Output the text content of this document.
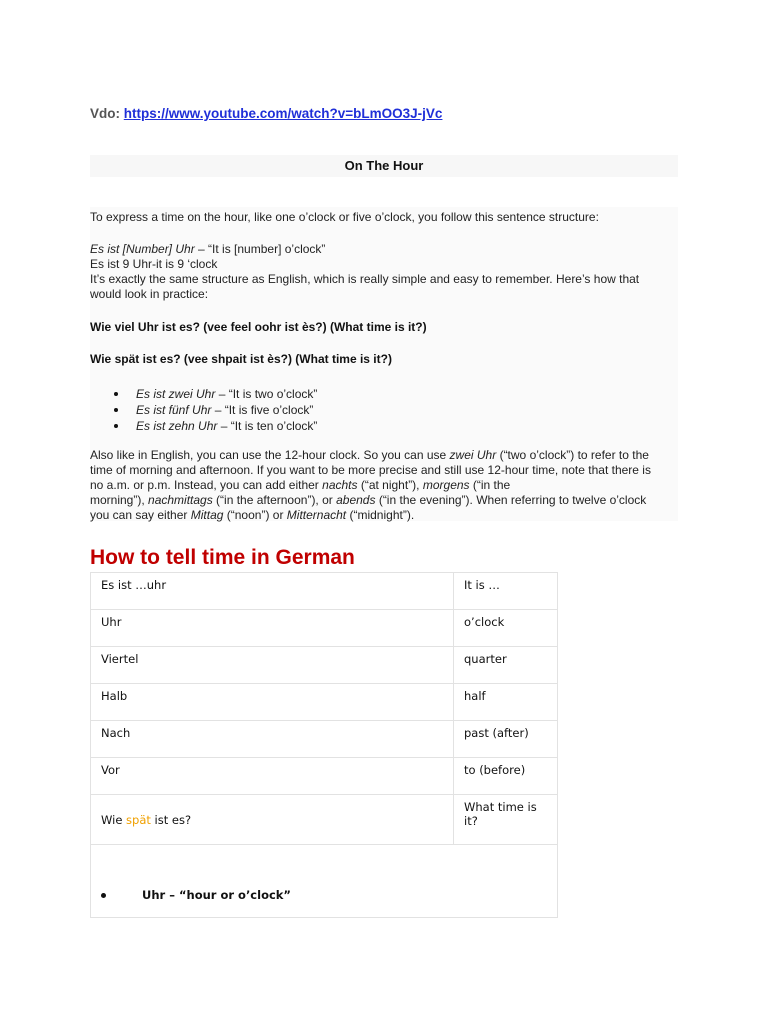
Vdo: https://www.youtube.com/watch?v=bLmOO3J-jVc
On The Hour

To express a time on the hour, like one o’clock or five o’clock, you follow this sentence structure:

Es ist [Number] Uhr – “It is [number] o’clock”

Es ist 9 Uhr-it is 9 ‘clock

It’s exactly the same structure as English, which is really simple and easy to remember. Here’s how that

would look in practice:

Wie viel Uhr ist es? (vee feel oohr ist ès?) (What time is it?)

Wie spät ist es? (vee shpait ist ès?) (What time is it?)

Es ist zwei Uhr – “It is two o’clock”
Es ist fünf Uhr – “It is five o’clock”
Es ist zehn Uhr – “It is ten o’clock”

Also like in English, you can use the 12-hour clock. So you can use zwei Uhr (“two o’clock”) to refer to the

time of morning and afternoon. If you want to be more precise and still use 12-hour time, note that there is

no a.m. or p.m. Instead, you can add either nachts (“at night”), morgens (“in the

morning”), nachmittags (“in the afternoon”), or abends (“in the evening”). When referring to twelve o’clock

you can say either Mittag (“noon”) or Mitternacht (“midnight”).

How to tell time in German
Es ist …uhr	It is …
Uhr	o’clock
Viertel	quarter
Halb	half
Nach	past (after)
Vor	to (before)
Wie spät ist es?	What time is it?

Uhr – “hour or o’clock”	
